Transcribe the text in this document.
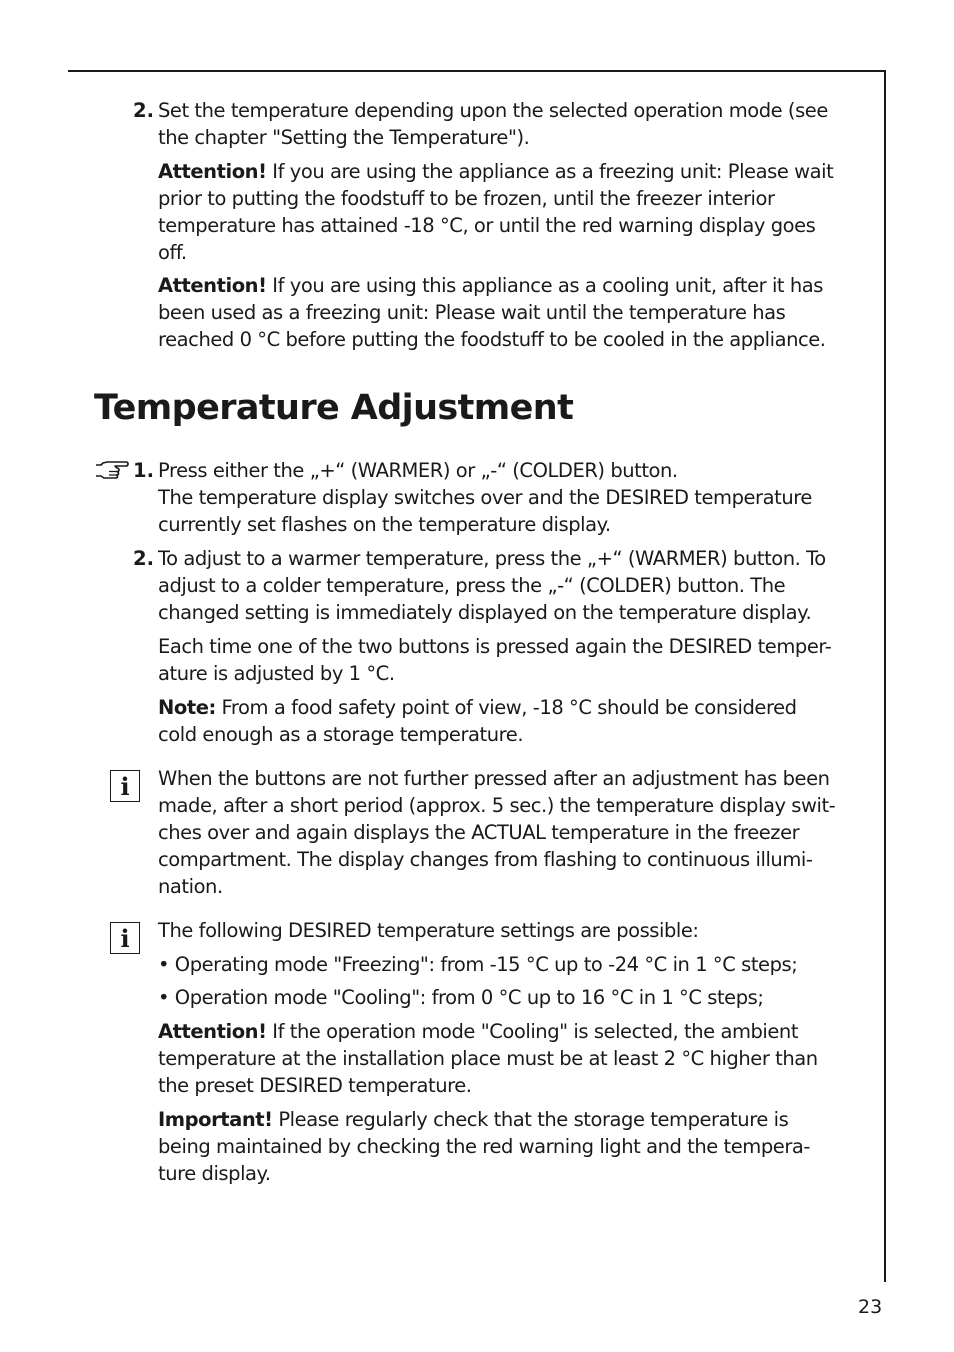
2. Set the temperature depending upon the selected operation mode (see
the chapter "Setting the Temperature").
Attention! If you are using the appliance as a freezing unit: Please wait
prior to putting the foodstuff to be frozen, until the freezer interior
temperature has attained -18 °C, or until the red warning display goes
off.
Attention! If you are using this appliance as a cooling unit, after it has
been used as a freezing unit: Please wait until the temperature has
reached 0 °C before putting the foodstuff to be cooled in the appliance.
Temperature Adjustment
1. Press either the „+“ (WARMER) or „-“ (COLDER) button.
The temperature display switches over and the DESIRED temperature
currently set flashes on the temperature display.
2. To adjust to a warmer temperature, press the „+“ (WARMER) button. To
adjust to a colder temperature, press the „-“ (COLDER) button. The
changed setting is immediately displayed on the temperature display.
Each time one of the two buttons is pressed again the DESIRED temper-
ature is adjusted by 1 °C.
Note: From a food safety point of view, -18 °C should be considered
cold enough as a storage temperature.
i	When the buttons are not further pressed after an adjustment has been
made, after a short period (approx. 5 sec.) the temperature display swit-
ches over and again displays the ACTUAL temperature in the freezer
compartment. The display changes from flashing to continuous illumi-
nation.
i	The following DESIRED temperature settings are possible:
• Operating mode "Freezing": from -15 °C up to -24 °C in 1 °C steps;
• Operation mode "Cooling": from 0 °C up to 16 °C in 1 °C steps;
Attention! If the operation mode "Cooling" is selected, the ambient
temperature at the installation place must be at least 2 °C higher than
the preset DESIRED temperature.
Important! Please regularly check that the storage temperature is
being maintained by checking the red warning light and the tempera-
ture display.
23
